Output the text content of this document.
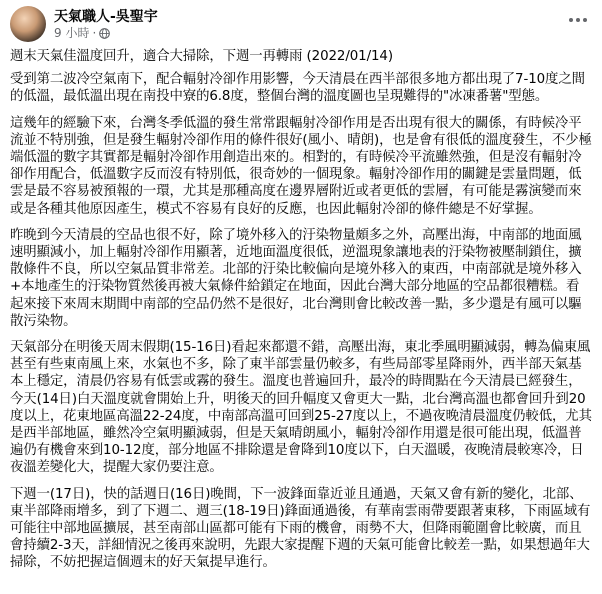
天氣職人-吳聖宇
9 小時 ·

週末天氣佳溫度回升，適合大掃除，下週一再轉雨 (2022/01/14)

受到第二波冷空氣南下，配合輻射冷卻作用影響，今天清晨在西半部很多地方都出現了7-10度之間的低溫，最低溫出現在南投中寮的6.8度，整個台灣的溫度圖也呈現難得的"冰凍番薯"型態。

這幾年的經驗下來，台灣冬季低溫的發生常常跟輻射冷卻作用是否出現有很大的關係，有時候冷平流並不特別強，但是發生輻射冷卻作用的條件很好(風小、晴朗)，也是會有很低的溫度發生，不少極端低溫的數字其實都是輻射冷卻作用創造出來的。相對的，有時候冷平流雖然強，但是沒有輻射冷卻作用配合，低溫數字反而沒有特別低，很奇妙的一個現象。輻射冷卻作用的關鍵是雲量問題，低雲是最不容易被預報的一環，尤其是那種高度在邊界層附近或者更低的雲層，有可能是霧演變而來或是各種其他原因產生，模式不容易有良好的反應，也因此輻射冷卻的條件總是不好掌握。

昨晚到今天清晨的空品也很不好，除了境外移入的汙染物量頗多之外，高壓出海，中南部的地面風速明顯減小，加上輻射冷卻作用顯著，近地面溫度很低，逆溫現象讓地表的汙染物被壓制鎖住，擴散條件不良，所以空氣品質非常差。北部的汙染比較偏向是境外移入的東西，中南部就是境外移入+本地產生的汙染物質然後再被大氣條件給鎖定在地面，因此台灣大部分地區的空品都很糟糕。看起來接下來周末期間中南部的空品仍然不是很好，北台灣則會比較改善一點，多少還是有風可以驅散污染物。

天氣部分在明後天周末假期(15-16日)看起來都還不錯，高壓出海，東北季風明顯減弱，轉為偏東風甚至有些東南風上來，水氣也不多，除了東半部雲量仍較多，有些局部零星降雨外，西半部天氣基本上穩定，清晨仍容易有低雲或霧的發生。溫度也普遍回升，最冷的時間點在今天清晨已經發生，今天(14日)白天溫度就會開始上升，明後天的回升幅度又會更大一點，北台灣高溫也都會回升到20度以上，花東地區高溫22-24度，中南部高溫可回到25-27度以上，不過夜晚清晨溫度仍較低，尤其是西半部地區，雖然冷空氣明顯減弱，但是天氣晴朗風小，輻射冷卻作用還是很可能出現，低溫普遍仍有機會來到10-12度，部分地區不排除還是會降到10度以下，白天溫暖，夜晚清晨較寒冷，日夜溫差變化大，提醒大家仍要注意。

下週一(17日)，快的話週日(16日)晚間，下一波鋒面靠近並且通過，天氣又會有新的變化，北部、東半部降雨增多，到了下週二、週三(18-19日)鋒面通過後，有華南雲雨帶要跟著東移，下雨區域有可能往中部地區擴展，甚至南部山區都可能有下雨的機會，雨勢不大，但降雨範圍會比較廣，而且會持續2-3天，詳細情況之後再來說明，先跟大家提醒下週的天氣可能會比較差一點，如果想過年大掃除，不妨把握這個週末的好天氣提早進行。
